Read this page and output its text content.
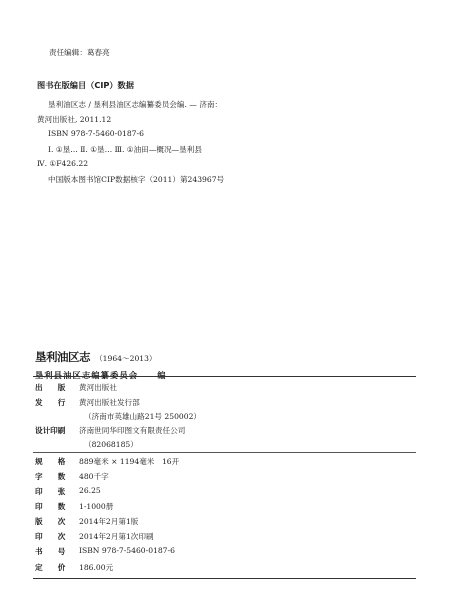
责任编辑：葛春亮
图书在版编目（CIP）数据
垦利油区志 / 垦利县油区志编纂委员会编. — 济南：
黄河出版社, 2011.12
ISBN 978-7-5460-0187-6
Ⅰ. ①垦… Ⅱ. ①垦… Ⅲ. ①油田—概况—垦利县
Ⅳ. ①F426.22
中国版本图书馆CIP数据核字（2011）第243967号
垦利油区志 （1964～2013）
垦利县油区志编纂委员会 编
出　　版 黄河出版社
发　　行 黄河出版社发行部
（济南市英雄山路21号 250002）
设计印刷 济南世同华印图文有限责任公司
（82068185）
规　　格 889毫米 × 1194毫米　16开
字　　数 480千字
印　　张 26.25
印　　数 1-1000册
版　　次 2014年2月第1版
印　　次 2014年2月第1次印刷
书　　号 ISBN 978-7-5460-0187-6
定　　价 186.00元
